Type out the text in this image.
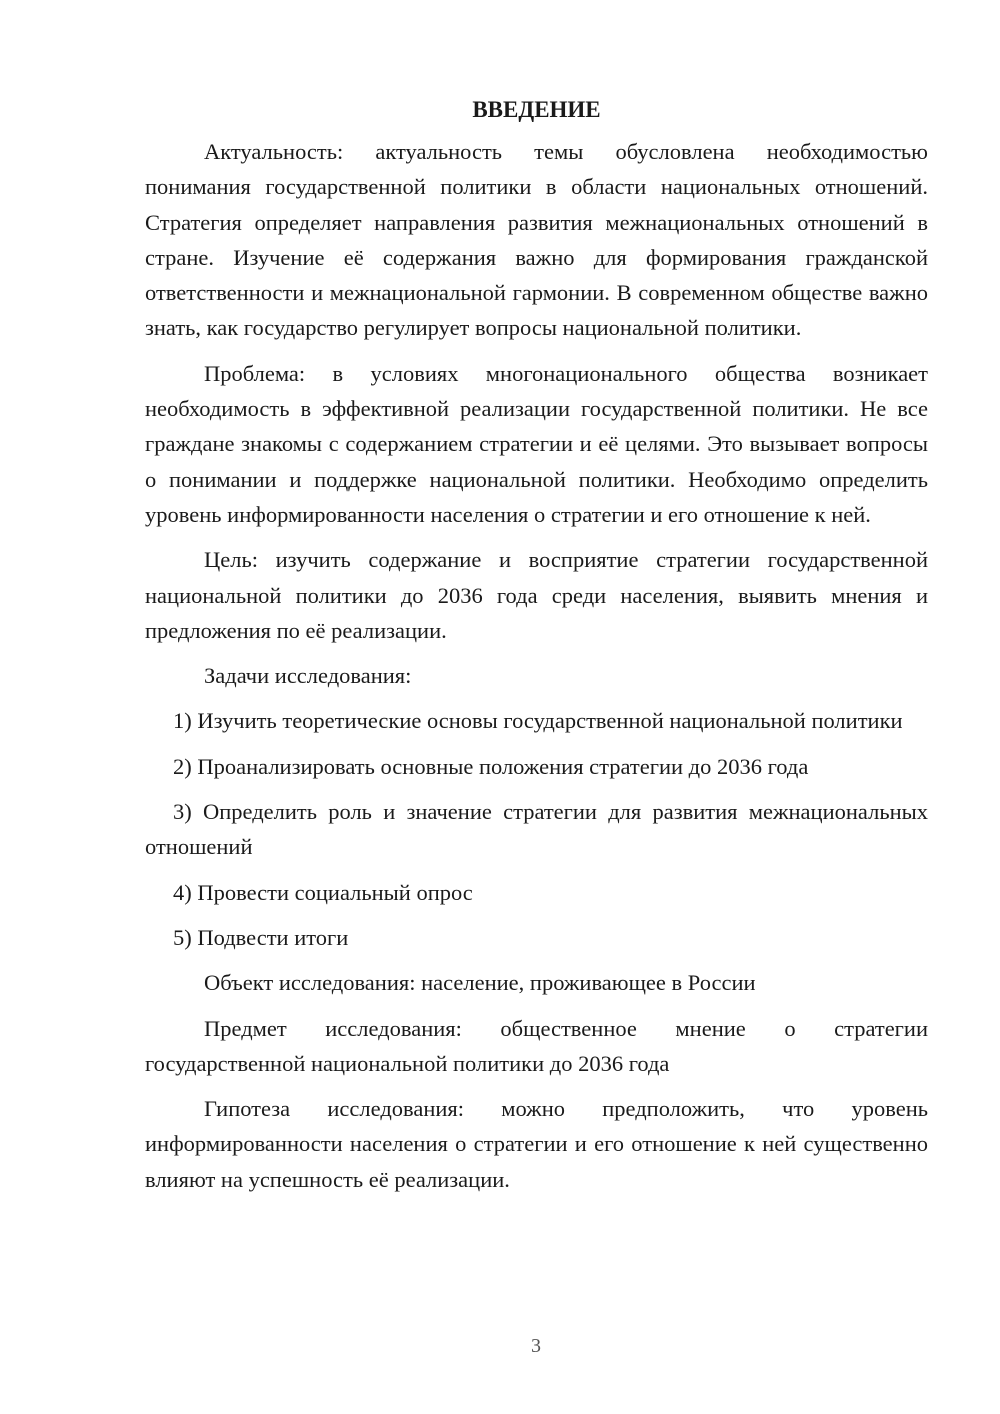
ВВЕДЕНИЕ

Актуальность: актуальность темы обусловлена необходимостью понимания государственной политики в области национальных отношений. Стратегия определяет направления развития межнациональных отношений в стране. Изучение её содержания важно для формирования гражданской ответственности и межнациональной гармонии. В современном обществе важно знать, как государство регулирует вопросы национальной политики.

Проблема: в условиях многонационального общества возникает необходимость в эффективной реализации государственной политики. Не все граждане знакомы с содержанием стратегии и её целями. Это вызывает вопросы о понимании и поддержке национальной политики. Необходимо определить уровень информированности населения о стратегии и его отношение к ней.

Цель: изучить содержание и восприятие стратегии государственной национальной политики до 2036 года среди населения, выявить мнения и предложения по её реализации.

Задачи исследования:

1) Изучить теоретические основы государственной национальной политики

2) Проанализировать основные положения стратегии до 2036 года

3) Определить роль и значение стратегии для развития межнациональных отношений

4) Провести социальный опрос

5) Подвести итоги

Объект исследования: население, проживающее в России

Предмет исследования: общественное мнение о стратегии государственной национальной политики до 2036 года

Гипотеза исследования: можно предположить, что уровень информированности населения о стратегии и его отношение к ней существенно влияют на успешность её реализации.

3
